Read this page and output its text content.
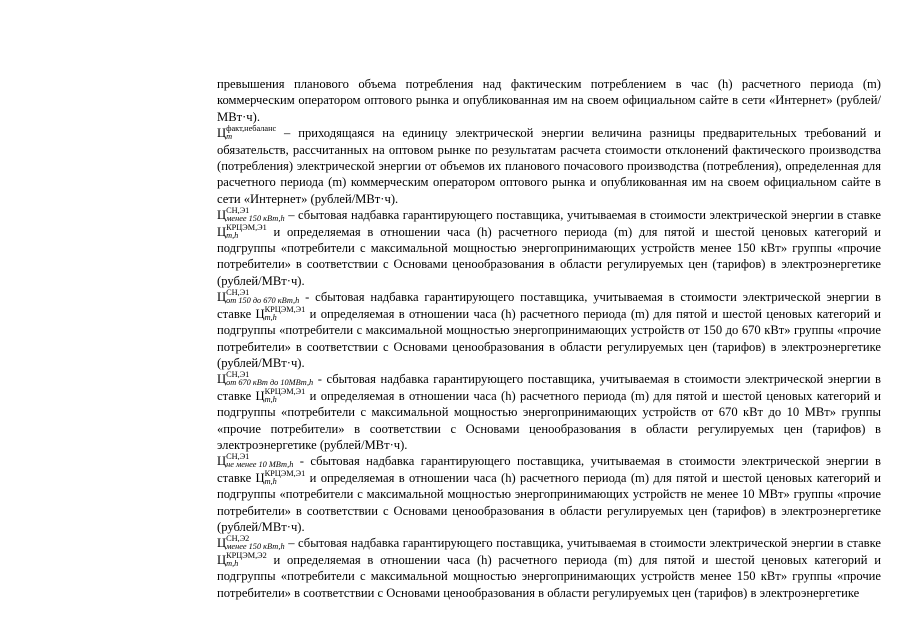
превышения планового объема потребления над фактическим потреблением в час (h) расчетного периода (m) коммерческим оператором оптового рынка и опубликованная им на своем официальном сайте в сети «Интернет» (рублей/МВт·ч).

Ц факт,небаланс
m	– приходящаяся на единицу электрической энергии величина разницы предварительных требований и обязательств, рассчитанных на оптовом рынке по результатам расчета стоимости отклонений фактического производства (потребления) электрической энергии от объемов их планового почасового производства (потребления), определенная для расчетного периода (m) коммерческим оператором оптового рынка и опубликованная им на своем официальном сайте в сети «Интернет» (рублей/МВт·ч).

Ц СН,Э1
менее 150 кВт,h – сбытовая надбавка гарантирующего поставщика, учитываемая в стоимости электрической энергии в ставке Ц КРЦЭМ,Э1
m,h	и определяемая в отношении часа (h) расчетного периода (m) для пятой и шестой ценовых категорий и подгруппы «потребители с максимальной мощностью энергопринимающих устройств менее 150 кВт» группы «прочие потребители» в соответствии с Основами ценообразования в области регулируемых цен (тарифов) в электроэнергетике (рублей/МВт·ч).

Ц СН,Э1
от 150 до 670 кВт,h - сбытовая надбавка гарантирующего поставщика, учитываемая в стоимости электрической энергии в ставке Ц КРЦЭМ,Э1
m,h	и определяемая в отношении часа (h) расчетного периода (m) для пятой и шестой ценовых категорий и подгруппы «потребители с максимальной мощностью энергопринимающих устройств от 150 до 670 кВт» группы «прочие потребители» в соответствии с Основами ценообразования в области регулируемых цен (тарифов) в электроэнергетике (рублей/МВт·ч).

Ц СН,Э1
от 670 кВт до 10МВт,h - сбытовая надбавка гарантирующего поставщика, учитываемая в стоимости электрической энергии в ставке Ц КРЦЭМ,Э1
m,h	и определяемая в отношении часа (h) расчетного периода (m) для пятой и шестой ценовых категорий и подгруппы «потребители с максимальной мощностью энергопринимающих устройств от 670 кВт до 10 МВт» группы «прочие потребители» в соответствии с Основами ценообразования в области регулируемых цен (тарифов) в электроэнергетике (рублей/МВт·ч).

Ц СН,Э1
не менее 10 МВт,h - сбытовая надбавка гарантирующего поставщика, учитываемая в стоимости электрической энергии в ставке Ц КРЦЭМ,Э1
m,h	и определяемая в отношении часа (h) расчетного периода (m) для пятой и шестой ценовых категорий и подгруппы «потребители с максимальной мощностью энергопринимающих устройств не менее 10 МВт» группы «прочие потребители» в соответствии с Основами ценообразования в области регулируемых цен (тарифов) в электроэнергетике (рублей/МВт·ч).

Ц СН,Э2
менее 150 кВт,h – сбытовая надбавка гарантирующего поставщика, учитываемая в стоимости электрической энергии в ставке Ц КРЦЭМ,Э2
m,h	и определяемая в отношении часа (h) расчетного периода (m) для пятой и шестой ценовых категорий и подгруппы «потребители с максимальной мощностью энергопринимающих устройств менее 150 кВт» группы «прочие потребители» в соответствии с Основами ценообразования в области регулируемых цен (тарифов) в электроэнергетике
